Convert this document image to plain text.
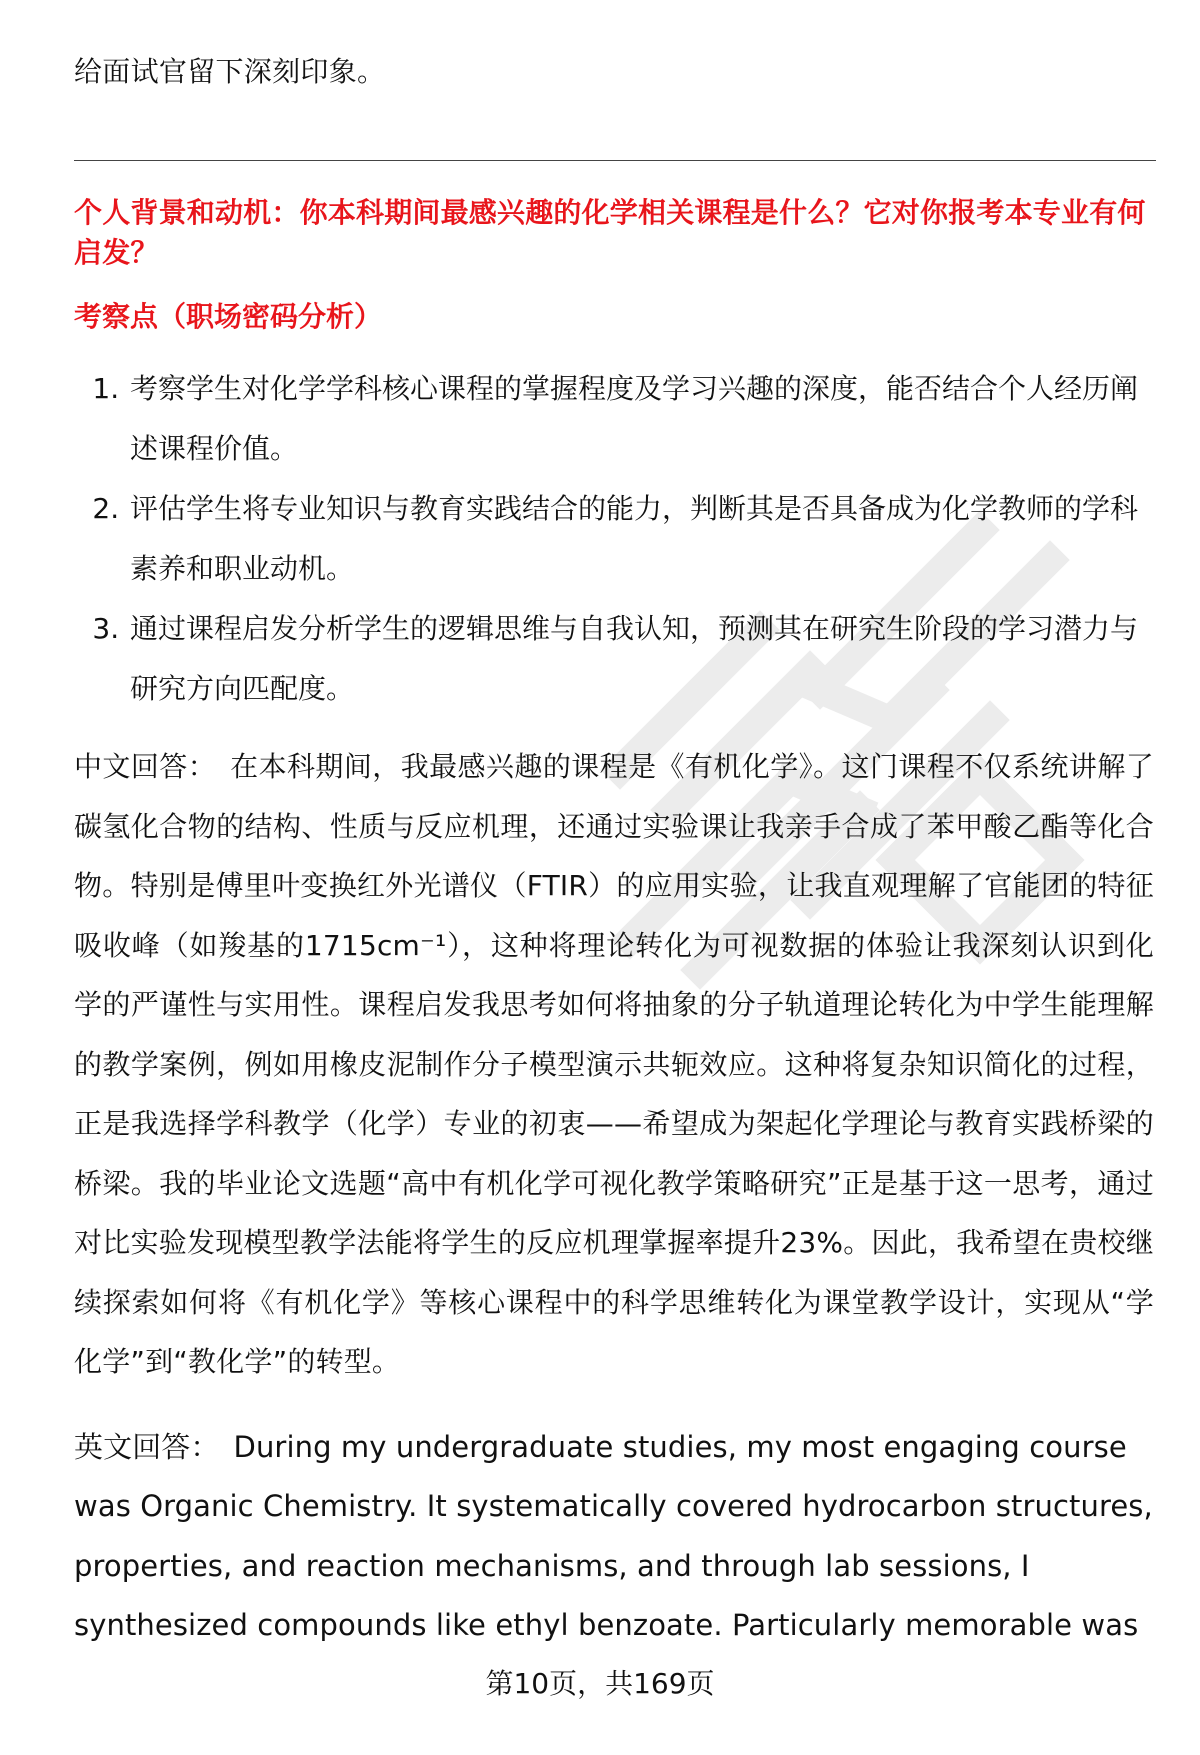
给面试官留下深刻印象。

个人背景和动机：你本科期间最感兴趣的化学相关课程是什么？它对你报考本专业有何启发？

考察点（职场密码分析）

1. 考察学生对化学学科核心课程的掌握程度及学习兴趣的深度，能否结合个人经历阐述课程价值。
2. 评估学生将专业知识与教育实践结合的能力，判断其是否具备成为化学教师的学科素养和职业动机。
3. 通过课程启发分析学生的逻辑思维与自我认知，预测其在研究生阶段的学习潜力与研究方向匹配度。

中文回答： 在本科期间，我最感兴趣的课程是《有机化学》。这门课程不仅系统讲解了碳氢化合物的结构、性质与反应机理，还通过实验课让我亲手合成了苯甲酸乙酯等化合物。特别是傅里叶变换红外光谱仪（FTIR）的应用实验，让我直观理解了官能团的特征吸收峰（如羧基的1715cm⁻¹），这种将理论转化为可视数据的体验让我深刻认识到化学的严谨性与实用性。课程启发我思考如何将抽象的分子轨道理论转化为中学生能理解的教学案例，例如用橡皮泥制作分子模型演示共轭效应。这种将复杂知识简化的过程，正是我选择学科教学（化学）专业的初衷——希望成为架起化学理论与教育实践桥梁的桥梁。我的毕业论文选题“高中有机化学可视化教学策略研究”正是基于这一思考，通过对比实验发现模型教学法能将学生的反应机理掌握率提升23%。因此，我希望在贵校继续探索如何将《有机化学》等核心课程中的科学思维转化为课堂教学设计，实现从“学化学”到“教化学”的转型。

英文回答： During my undergraduate studies, my most engaging course was Organic Chemistry. It systematically covered hydrocarbon structures, properties, and reaction mechanisms, and through lab sessions, I synthesized compounds like ethyl benzoate. Particularly memorable was

第10页，共169页
